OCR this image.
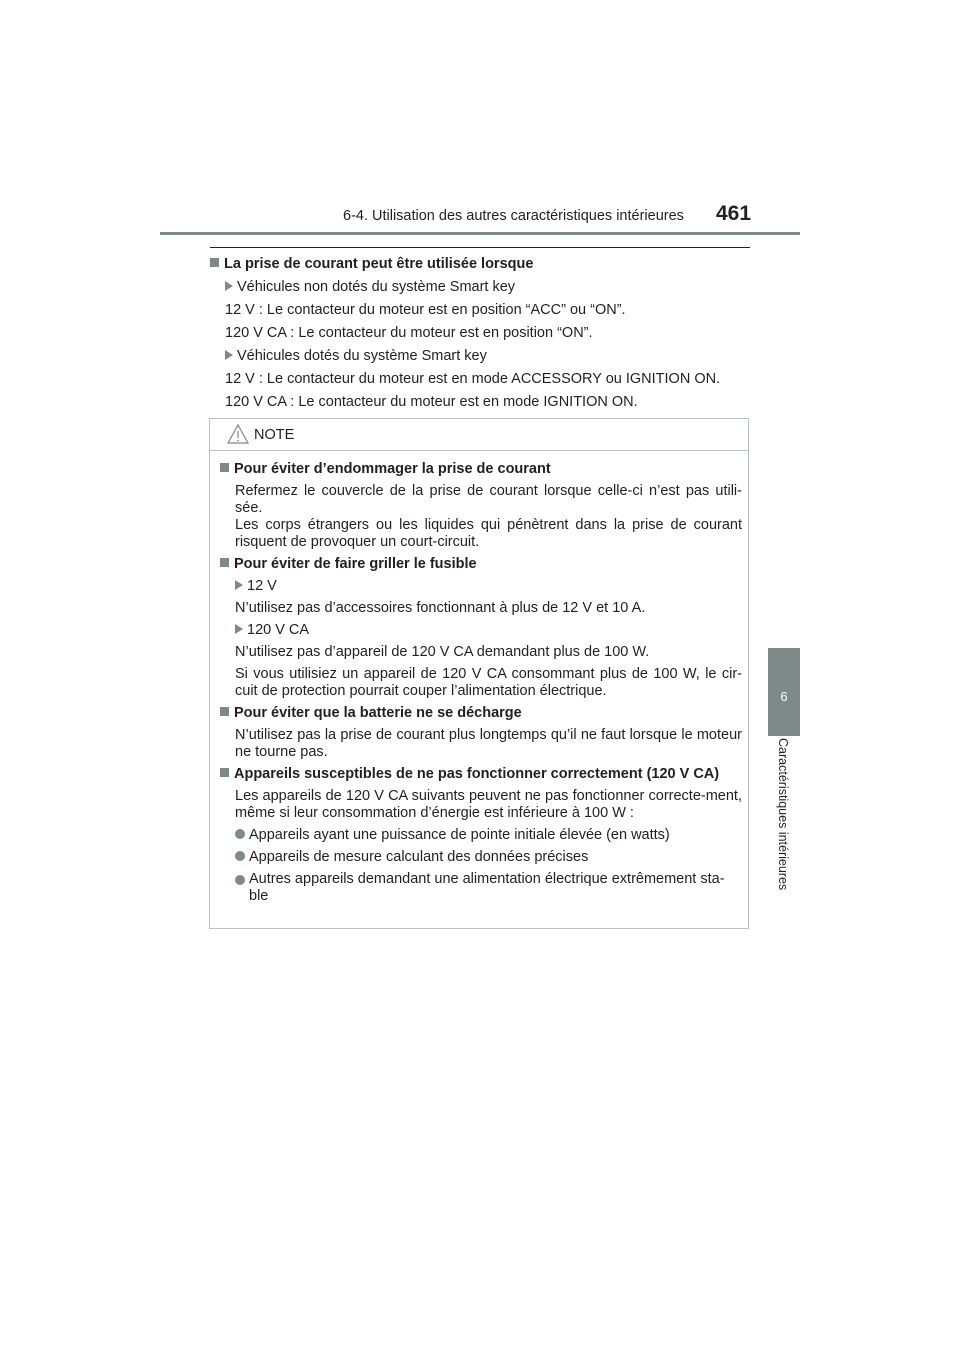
6-4. Utilisation des autres caractéristiques intérieures 461
6
Caractéristiques intérieures
La prise de courant peut être utilisée lorsque
Véhicules non dotés du système Smart key
12 V : Le contacteur du moteur est en position “ACC” ou “ON”.
120 V CA : Le contacteur du moteur est en position “ON”.
Véhicules dotés du système Smart key
12 V : Le contacteur du moteur est en mode ACCESSORY ou IGNITION ON.
120 V CA : Le contacteur du moteur est en mode IGNITION ON.
NOTE
Pour éviter d’endommager la prise de courant
Refermez le couvercle de la prise de courant lorsque celle-ci n’est pas utili-sée.
Les corps étrangers ou les liquides qui pénètrent dans la prise de courant risquent de provoquer un court-circuit.
Pour éviter de faire griller le fusible
12 V
N’utilisez pas d’accessoires fonctionnant à plus de 12 V et 10 A.
120 V CA
N’utilisez pas d’appareil de 120 V CA demandant plus de 100 W.
Si vous utilisiez un appareil de 120 V CA consommant plus de 100 W, le cir-cuit de protection pourrait couper l’alimentation électrique.
Pour éviter que la batterie ne se décharge
N’utilisez pas la prise de courant plus longtemps qu’il ne faut lorsque le moteur ne tourne pas.
Appareils susceptibles de ne pas fonctionner correctement (120 V CA)
Les appareils de 120 V CA suivants peuvent ne pas fonctionner correcte-ment, même si leur consommation d’énergie est inférieure à 100 W :
Appareils ayant une puissance de pointe initiale élevée (en watts)
Appareils de mesure calculant des données précises
Autres appareils demandant une alimentation électrique extrêmement sta-ble
